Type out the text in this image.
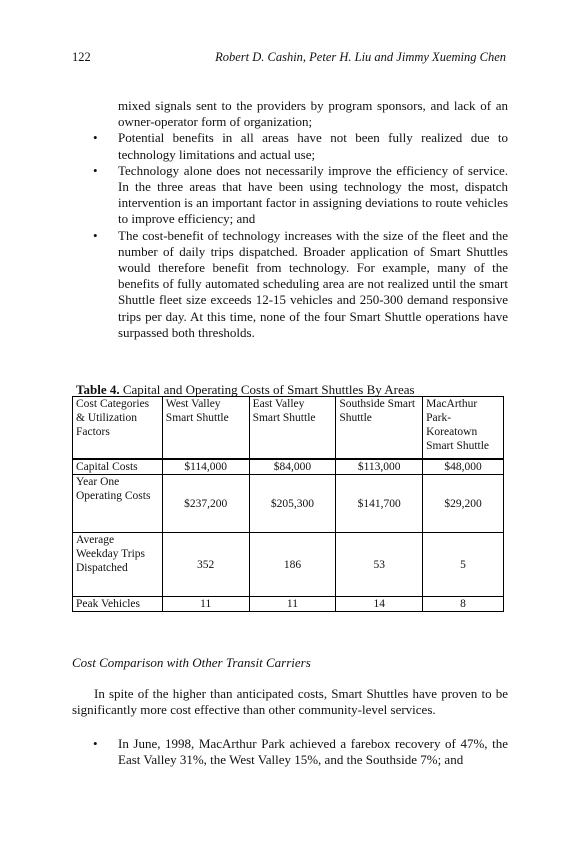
122	Robert D. Cashin, Peter H. Liu and Jimmy Xueming Chen
mixed signals sent to the providers by program sponsors, and lack of an owner-operator form of organization;
• Potential benefits in all areas have not been fully realized due to technology limitations and actual use;
• Technology alone does not necessarily improve the efficiency of service. In the three areas that have been using technology the most, dispatch intervention is an important factor in assigning deviations to route vehicles to improve efficiency; and
• The cost-benefit of technology increases with the size of the fleet and the number of daily trips dispatched. Broader application of Smart Shuttles would therefore benefit from technology. For example, many of the benefits of fully automated scheduling area are not realized until the smart Shuttle fleet size exceeds 12-15 vehicles and 250-300 demand responsive trips per day. At this time, none of the four Smart Shuttle operations have surpassed both thresholds.
Table 4. Capital and Operating Costs of Smart Shuttles By Areas
Cost Categories & Utilization Factors	West Valley Smart Shuttle	East Valley Smart Shuttle	Southside Smart Shuttle	MacArthur Park-Koreatown Smart Shuttle
Capital Costs	$114,000	$84,000	$113,000	$48,000
Year One Operating Costs	$237,200	$205,300	$141,700	$29,200
Average Weekday Trips Dispatched	352	186	53	5
Peak Vehicles	11	11	14	8
Cost Comparison with Other Transit Carriers

In spite of the higher than anticipated costs, Smart Shuttles have proven to be significantly more cost effective than other community-level services.

• In June, 1998, MacArthur Park achieved a farebox recovery of 47%, the East Valley 31%, the West Valley 15%, and the Southside 7%; and
